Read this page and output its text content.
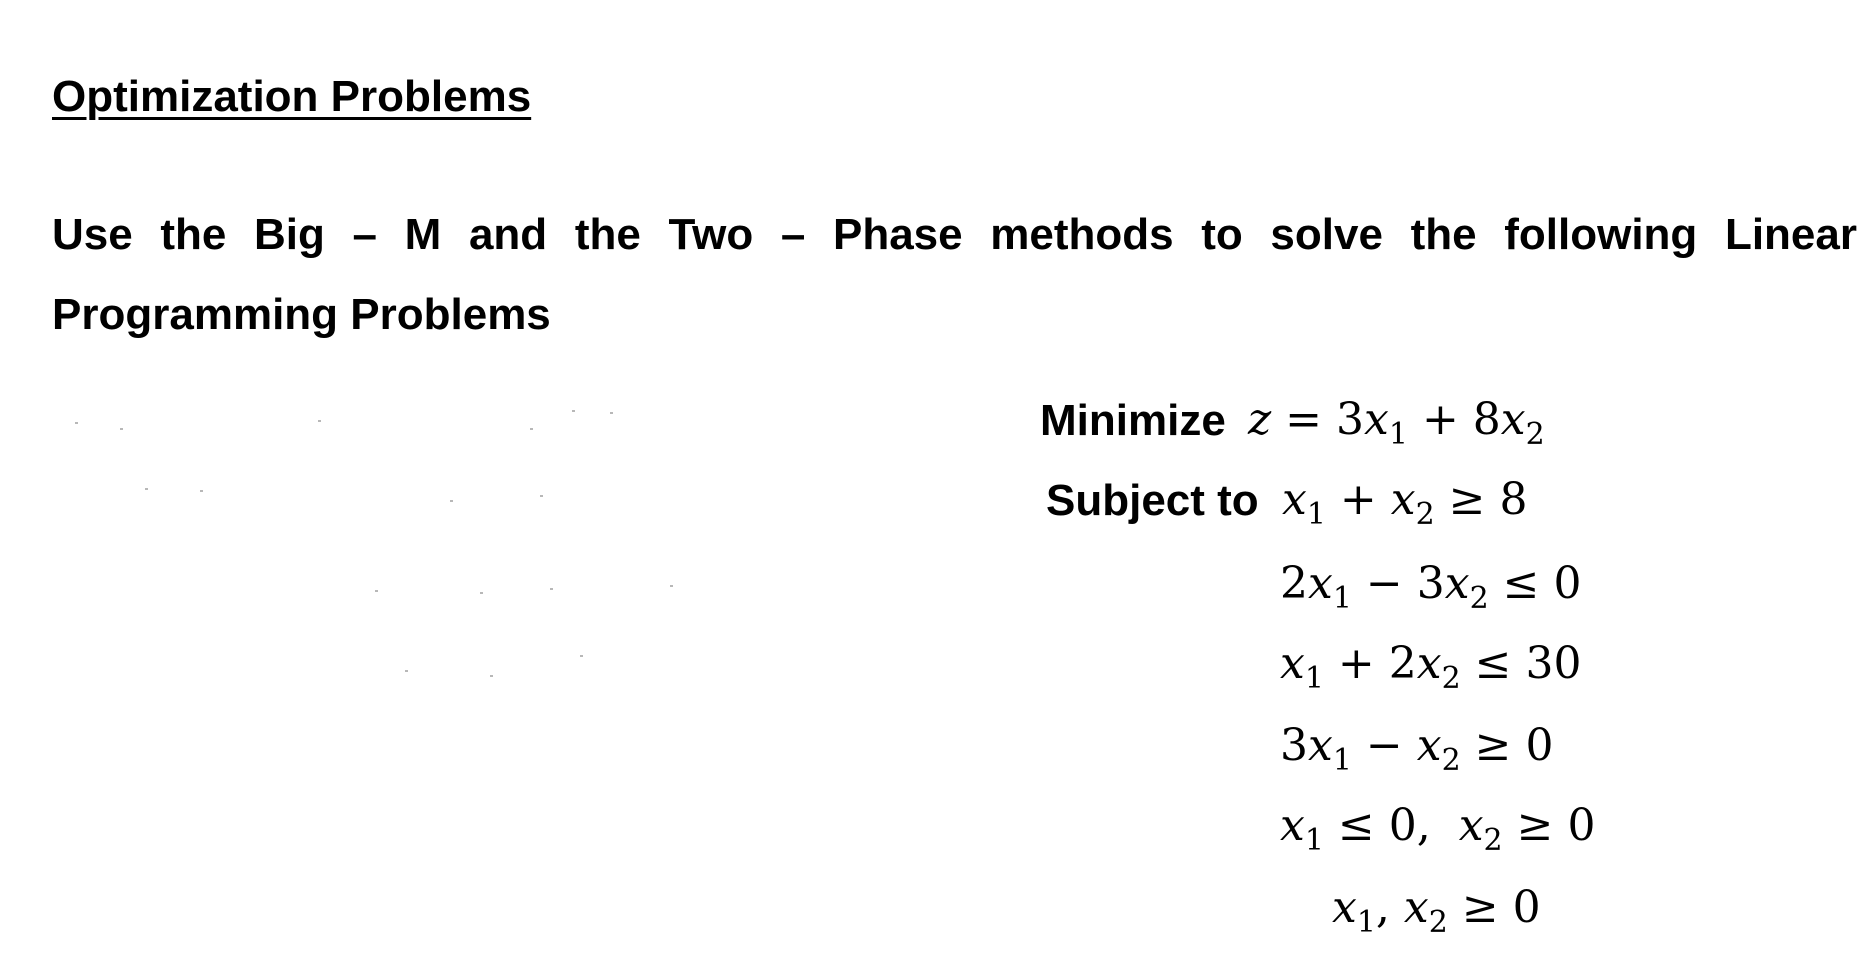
Optimization Problems

Use the Big – M and the Two – Phase methods to solve the following Linear
Programming Problems

Minimize $z = 3x_1 + 8x_2$
Subject to $x_1 + x_2 \ge 8$
$2x_1 - 3x_2 \le 0$
$x_1 + 2x_2 \le 30$
$3x_1 - x_2 \ge 0$
$x_1 \le 0$,  $x_2 \ge 0$
$x_1$, $x_2 \ge 0$
